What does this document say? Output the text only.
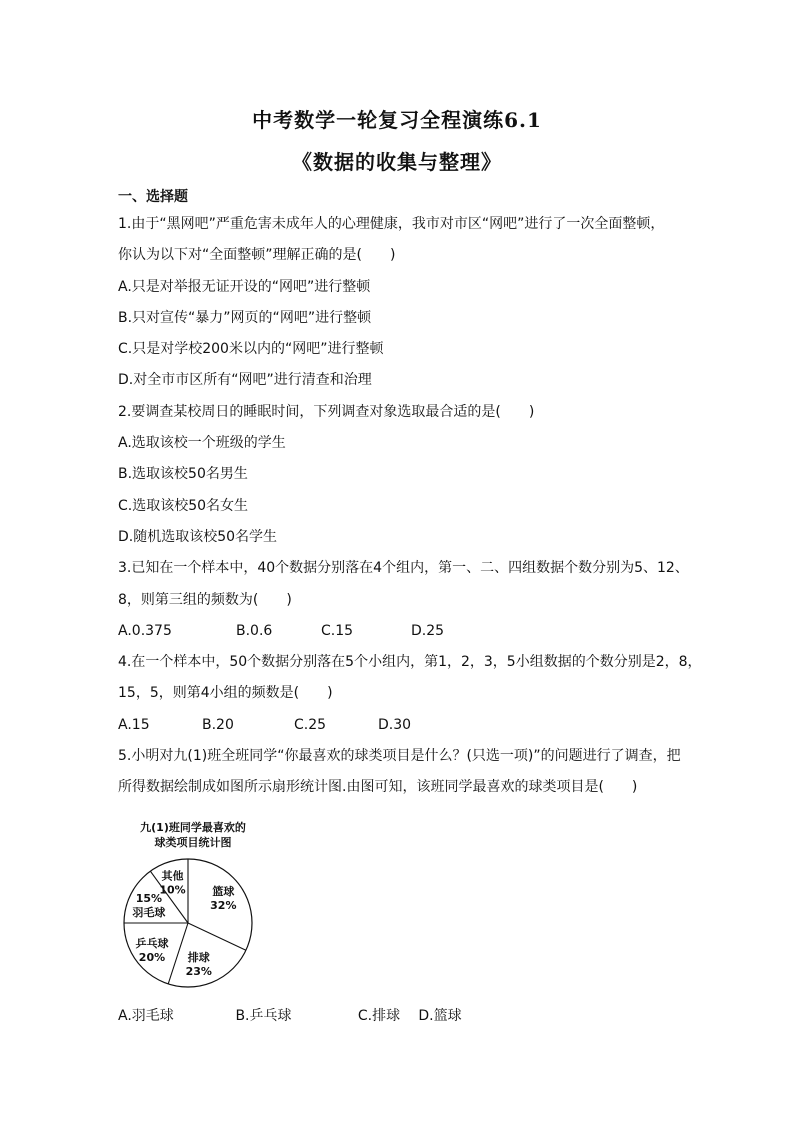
中考数学一轮复习全程演练6.1
《数据的收集与整理》
一、选择题
1.由于“黑网吧”严重危害未成年人的心理健康，我市对市区“网吧”进行了一次全面整顿，
你认为以下对“全面整顿”理解正确的是(　　)
A.只是对举报无证开设的“网吧”进行整顿
B.只对宣传“暴力”网页的“网吧”进行整顿
C.只是对学校200米以内的“网吧”进行整顿
D.对全市市区所有“网吧”进行清查和治理
2.要调查某校周日的睡眠时间，下列调查对象选取最合适的是(　　)
A.选取该校一个班级的学生
B.选取该校50名男生
C.选取该校50名女生
D.随机选取该校50名学生
3.已知在一个样本中，40个数据分别落在4个组内，第一、二、四组数据个数分别为5、12、
8，则第三组的频数为(　　)
A.0.375	B.0.6	C.15	D.25
4.在一个样本中，50个数据分别落在5个小组内，第1，2，3，5小组数据的个数分别是2，8，
15，5，则第4小组的频数是(　　)
A.15	B.20	C.25	D.30
5.小明对九(1)班全班同学“你最喜欢的球类项目是什么？(只选一项)”的问题进行了调查，把
所得数据绘制成如图所示扇形统计图.由图可知，该班同学最喜欢的球类项目是(　　)
九(1)班同学最喜欢的
球类项目统计图
篮球
32%
排球
23%
乒乓球
20%
15%
羽毛球
其他
10%
A.羽毛球	B.乒乓球	C.排球 D.篮球
